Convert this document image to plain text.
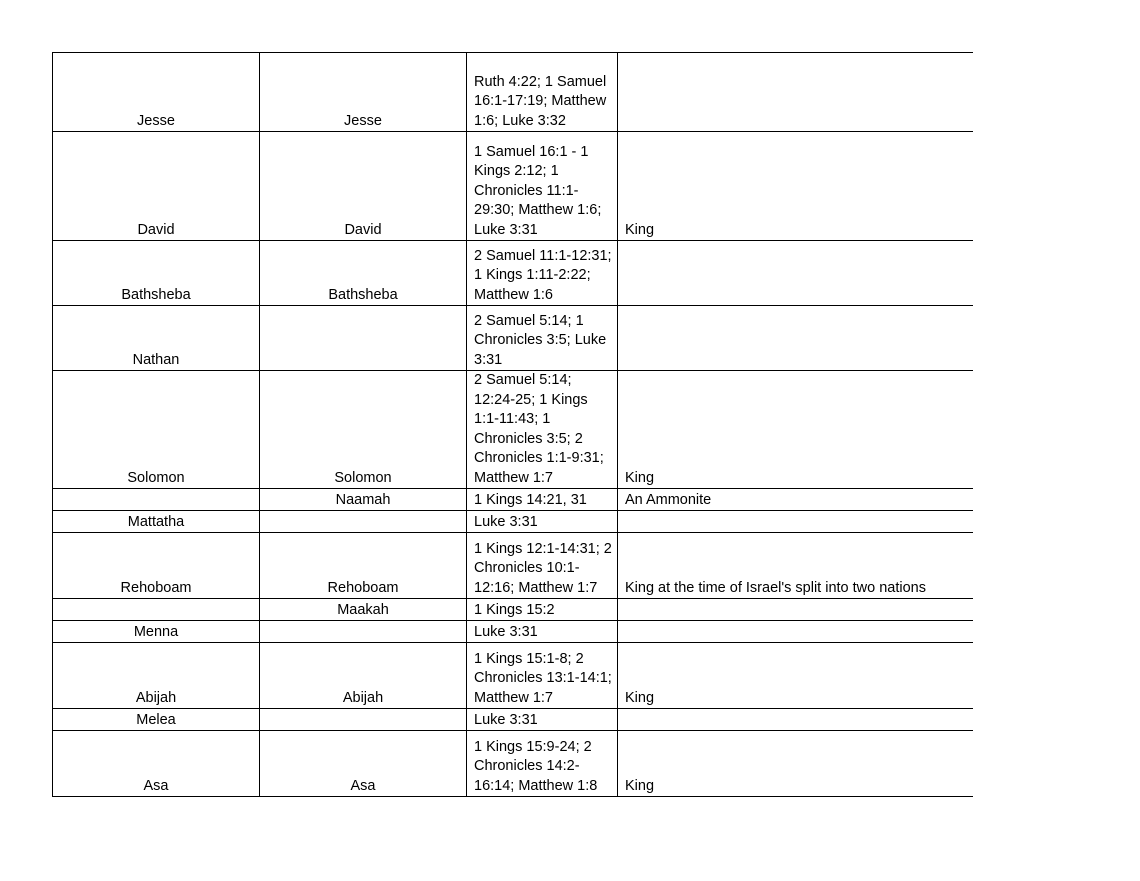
Jesse	Jesse	Ruth 4:22; 1 Samuel 16:1-17:19; Matthew 1:6; Luke 3:32	
David	David	1 Samuel 16:1 - 1 Kings 2:12; 1 Chronicles 11:1-29:30; Matthew 1:6; Luke 3:31	King
Bathsheba	Bathsheba	2 Samuel 11:1-12:31; 1 Kings 1:11-2:22; Matthew 1:6	
Nathan		2 Samuel 5:14; 1 Chronicles 3:5; Luke 3:31	
Solomon	Solomon	2 Samuel 5:14; 12:24-25; 1 Kings 1:1-11:43; 1 Chronicles 3:5; 2 Chronicles 1:1-9:31; Matthew 1:7	King
	Naamah	1 Kings 14:21, 31	An Ammonite
Mattatha		Luke 3:31	
Rehoboam	Rehoboam	1 Kings 12:1-14:31; 2 Chronicles 10:1-12:16; Matthew 1:7	King at the time of Israel's split into two nations
	Maakah	1 Kings 15:2	
Menna		Luke 3:31	
Abijah	Abijah	1 Kings 15:1-8; 2 Chronicles 13:1-14:1; Matthew 1:7	King
Melea		Luke 3:31	
Asa	Asa	1 Kings 15:9-24; 2 Chronicles 14:2-16:14; Matthew 1:8	King
